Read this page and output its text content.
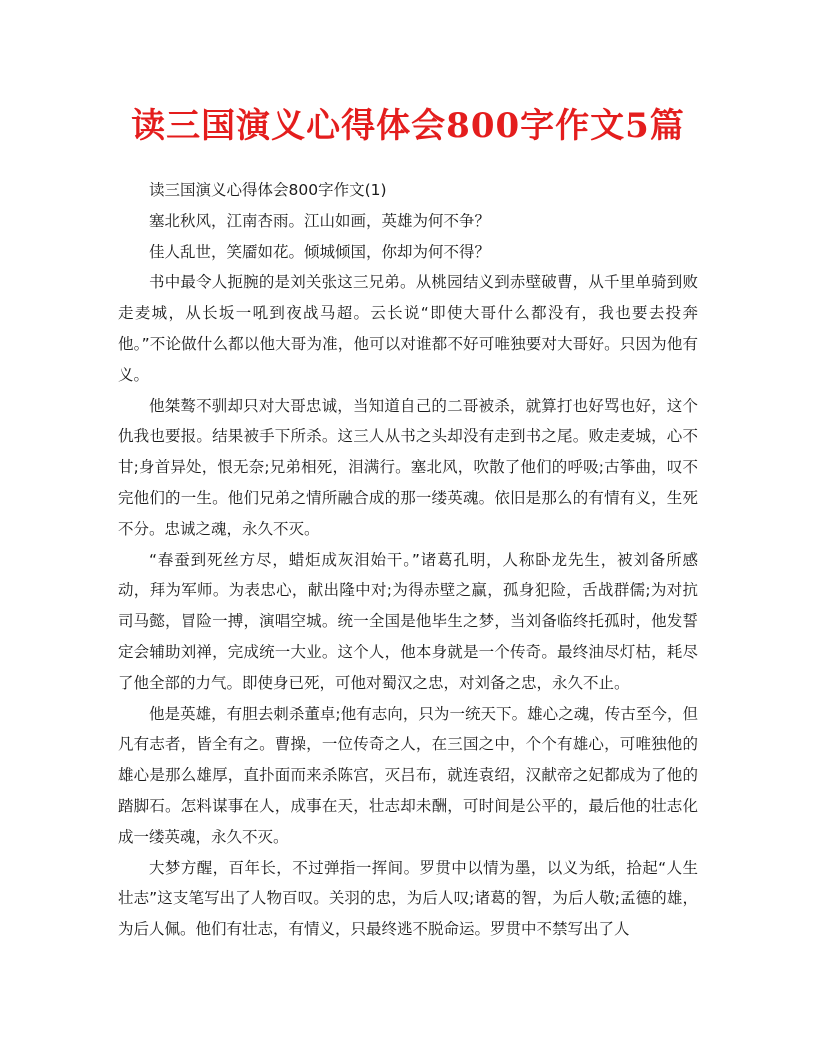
读三国演义心得体会800字作文5篇

读三国演义心得体会800字作文(1)

塞北秋风，江南杏雨。江山如画，英雄为何不争？

佳人乱世，笑靥如花。倾城倾国，你却为何不得？

书中最令人扼腕的是刘关张这三兄弟。从桃园结义到赤壁破曹，从千里单骑到败走麦城，从长坂一吼到夜战马超。云长说“即使大哥什么都没有，我也要去投奔他。”不论做什么都以他大哥为准，他可以对谁都不好可唯独要对大哥好。只因为他有义。

他桀骜不驯却只对大哥忠诚，当知道自己的二哥被杀，就算打也好骂也好，这个仇我也要报。结果被手下所杀。这三人从书之头却没有走到书之尾。败走麦城，心不甘;身首异处，恨无奈;兄弟相死，泪满行。塞北风，吹散了他们的呼吸;古筝曲，叹不完他们的一生。他们兄弟之情所融合成的那一缕英魂。依旧是那么的有情有义，生死不分。忠诚之魂，永久不灭。

“春蚕到死丝方尽，蜡炬成灰泪始干。”诸葛孔明，人称卧龙先生，被刘备所感动，拜为军师。为表忠心，献出隆中对;为得赤壁之赢，孤身犯险，舌战群儒;为对抗司马懿，冒险一搏，演唱空城。统一全国是他毕生之梦，当刘备临终托孤时，他发誓定会辅助刘禅，完成统一大业。这个人，他本身就是一个传奇。最终油尽灯枯，耗尽了他全部的力气。即使身已死，可他对蜀汉之忠，对刘备之忠，永久不止。

他是英雄，有胆去刺杀董卓;他有志向，只为一统天下。雄心之魂，传古至今，但凡有志者，皆全有之。曹操，一位传奇之人，在三国之中，个个有雄心，可唯独他的雄心是那么雄厚，直扑面而来杀陈宫，灭吕布，就连袁绍，汉献帝之妃都成为了他的踏脚石。怎料谋事在人，成事在天，壮志却未酬，可时间是公平的，最后他的壮志化成一缕英魂，永久不灭。

大梦方醒，百年长，不过弹指一挥间。罗贯中以情为墨，以义为纸，拾起“人生壮志”这支笔写出了人物百叹。关羽的忠，为后人叹;诸葛的智，为后人敬;孟德的雄，为后人佩。他们有壮志，有情义，只最终逃不脱命运。罗贯中不禁写出了人
